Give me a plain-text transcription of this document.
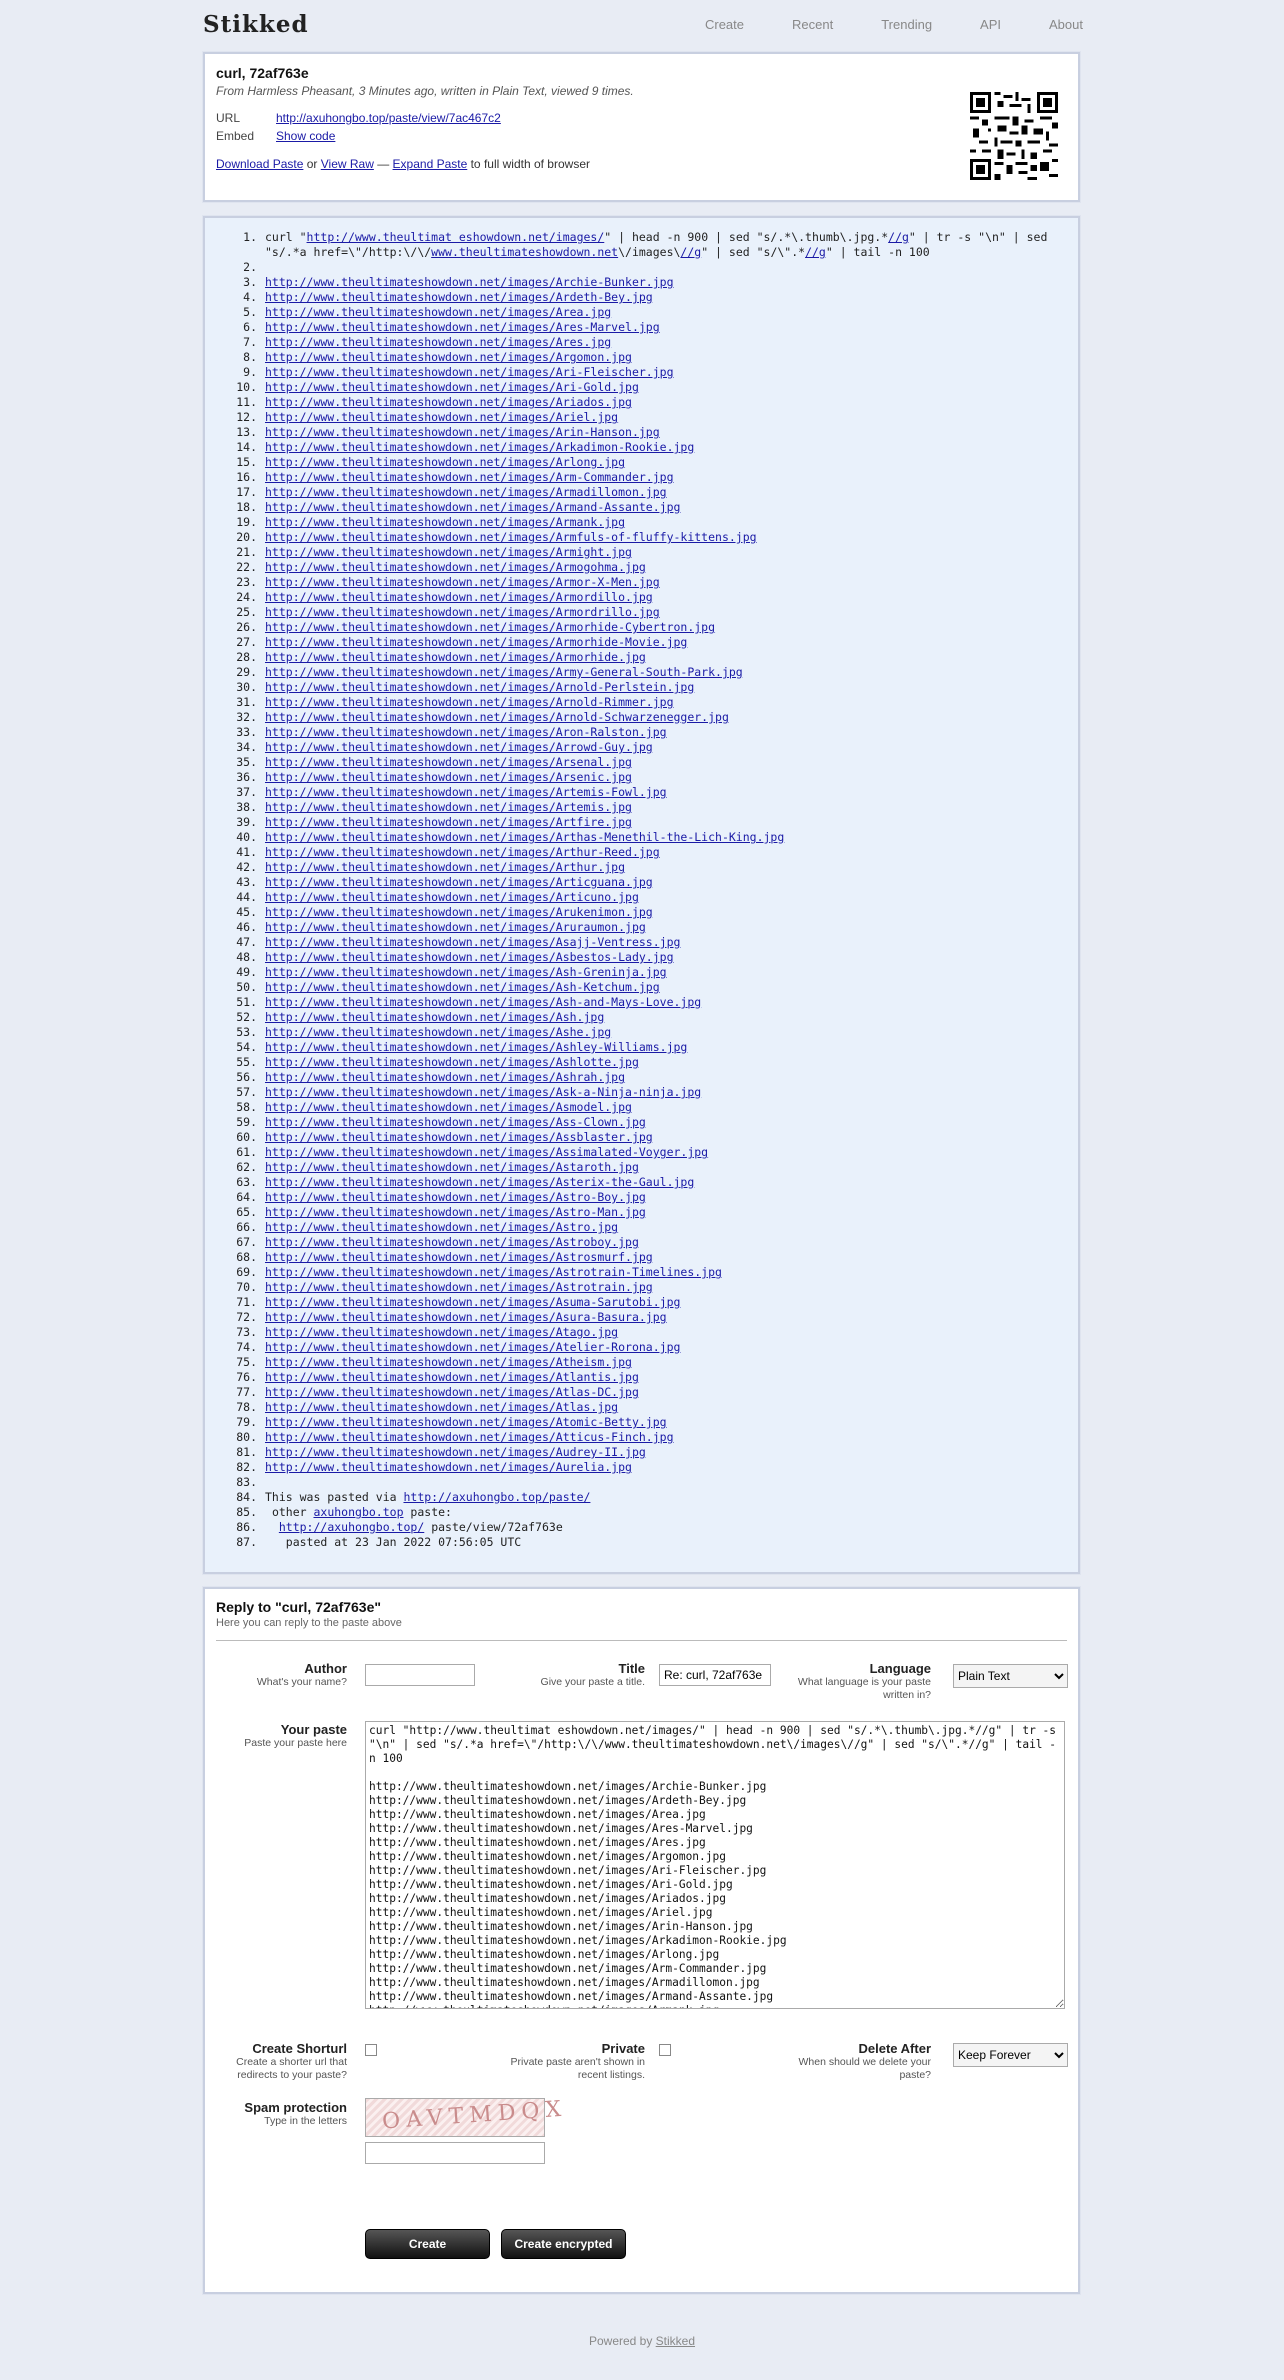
Stikked	Create	Recent	Trending	API	About
curl, 72af763e
From Harmless Pheasant, 3 Minutes ago, written in Plain Text, viewed 9 times.
URL	http://axuhongbo.top/paste/view/7ac467c2
Embed Show code
Download Paste or View Raw — Expand Paste to full width of browser
1. curl "http://www.theultimat eshowdown.net/images/" | head -n 900 | sed "s/.*\.thumb\.jpg.*//g" | tr -s "\n" | sed "s/.*a href=\"/http:\/\/www.theultimateshowdown.net\/images\//g" | sed "s/\".*//g" | tail -n 100
2.

3. http://www.theultimateshowdown.net/images/Archie-Bunker.jpg
4. http://www.theultimateshowdown.net/images/Ardeth-Bey.jpg
5. http://www.theultimateshowdown.net/images/Area.jpg
6. http://www.theultimateshowdown.net/images/Ares-Marvel.jpg
7. http://www.theultimateshowdown.net/images/Ares.jpg
8. http://www.theultimateshowdown.net/images/Argomon.jpg
9. http://www.theultimateshowdown.net/images/Ari-Fleischer.jpg
10. http://www.theultimateshowdown.net/images/Ari-Gold.jpg
11. http://www.theultimateshowdown.net/images/Ariados.jpg
12. http://www.theultimateshowdown.net/images/Ariel.jpg
13. http://www.theultimateshowdown.net/images/Arin-Hanson.jpg
14. http://www.theultimateshowdown.net/images/Arkadimon-Rookie.jpg
15. http://www.theultimateshowdown.net/images/Arlong.jpg
16. http://www.theultimateshowdown.net/images/Arm-Commander.jpg
17. http://www.theultimateshowdown.net/images/Armadillomon.jpg
18. http://www.theultimateshowdown.net/images/Armand-Assante.jpg
19. http://www.theultimateshowdown.net/images/Armank.jpg
20. http://www.theultimateshowdown.net/images/Armfuls-of-fluffy-kittens.jpg
21. http://www.theultimateshowdown.net/images/Armight.jpg
22. http://www.theultimateshowdown.net/images/Armogohma.jpg
23. http://www.theultimateshowdown.net/images/Armor-X-Men.jpg
24. http://www.theultimateshowdown.net/images/Armordillo.jpg
25. http://www.theultimateshowdown.net/images/Armordrillo.jpg
26. http://www.theultimateshowdown.net/images/Armorhide-Cybertron.jpg
27. http://www.theultimateshowdown.net/images/Armorhide-Movie.jpg
28. http://www.theultimateshowdown.net/images/Armorhide.jpg
29. http://www.theultimateshowdown.net/images/Army-General-South-Park.jpg
30. http://www.theultimateshowdown.net/images/Arnold-Perlstein.jpg
31. http://www.theultimateshowdown.net/images/Arnold-Rimmer.jpg
32. http://www.theultimateshowdown.net/images/Arnold-Schwarzenegger.jpg
33. http://www.theultimateshowdown.net/images/Aron-Ralston.jpg
34. http://www.theultimateshowdown.net/images/Arrowd-Guy.jpg
35. http://www.theultimateshowdown.net/images/Arsenal.jpg
36. http://www.theultimateshowdown.net/images/Arsenic.jpg
37. http://www.theultimateshowdown.net/images/Artemis-Fowl.jpg
38. http://www.theultimateshowdown.net/images/Artemis.jpg
39. http://www.theultimateshowdown.net/images/Artfire.jpg
40. http://www.theultimateshowdown.net/images/Arthas-Menethil-the-Lich-King.jpg
41. http://www.theultimateshowdown.net/images/Arthur-Reed.jpg
42. http://www.theultimateshowdown.net/images/Arthur.jpg
43. http://www.theultimateshowdown.net/images/Articguana.jpg
44. http://www.theultimateshowdown.net/images/Articuno.jpg
45. http://www.theultimateshowdown.net/images/Arukenimon.jpg
46. http://www.theultimateshowdown.net/images/Aruraumon.jpg
47. http://www.theultimateshowdown.net/images/Asajj-Ventress.jpg
48. http://www.theultimateshowdown.net/images/Asbestos-Lady.jpg
49. http://www.theultimateshowdown.net/images/Ash-Greninja.jpg
50. http://www.theultimateshowdown.net/images/Ash-Ketchum.jpg
51. http://www.theultimateshowdown.net/images/Ash-and-Mays-Love.jpg
52. http://www.theultimateshowdown.net/images/Ash.jpg
53. http://www.theultimateshowdown.net/images/Ashe.jpg
54. http://www.theultimateshowdown.net/images/Ashley-Williams.jpg
55. http://www.theultimateshowdown.net/images/Ashlotte.jpg
56. http://www.theultimateshowdown.net/images/Ashrah.jpg
57. http://www.theultimateshowdown.net/images/Ask-a-Ninja-ninja.jpg
58. http://www.theultimateshowdown.net/images/Asmodel.jpg
59. http://www.theultimateshowdown.net/images/Ass-Clown.jpg
60. http://www.theultimateshowdown.net/images/Assblaster.jpg
61. http://www.theultimateshowdown.net/images/Assimalated-Voyger.jpg
62. http://www.theultimateshowdown.net/images/Astaroth.jpg
63. http://www.theultimateshowdown.net/images/Asterix-the-Gaul.jpg
64. http://www.theultimateshowdown.net/images/Astro-Boy.jpg
65. http://www.theultimateshowdown.net/images/Astro-Man.jpg
66. http://www.theultimateshowdown.net/images/Astro.jpg
67. http://www.theultimateshowdown.net/images/Astroboy.jpg
68. http://www.theultimateshowdown.net/images/Astrosmurf.jpg
69. http://www.theultimateshowdown.net/images/Astrotrain-Timelines.jpg
70. http://www.theultimateshowdown.net/images/Astrotrain.jpg
71. http://www.theultimateshowdown.net/images/Asuma-Sarutobi.jpg
72. http://www.theultimateshowdown.net/images/Asura-Basura.jpg
73. http://www.theultimateshowdown.net/images/Atago.jpg
74. http://www.theultimateshowdown.net/images/Atelier-Rorona.jpg
75. http://www.theultimateshowdown.net/images/Atheism.jpg
76. http://www.theultimateshowdown.net/images/Atlantis.jpg
77. http://www.theultimateshowdown.net/images/Atlas-DC.jpg
78. http://www.theultimateshowdown.net/images/Atlas.jpg
79. http://www.theultimateshowdown.net/images/Atomic-Betty.jpg
80. http://www.theultimateshowdown.net/images/Atticus-Finch.jpg
81. http://www.theultimateshowdown.net/images/Audrey-II.jpg
82. http://www.theultimateshowdown.net/images/Aurelia.jpg
83.

84. This was pasted via http://axuhongbo.top/paste/
85. other axuhongbo.top paste:
86. http://axuhongbo.top/ paste/view/72af763e
87. pasted at 23 Jan 2022 07:56:05 UTC
Reply to "curl, 72af763e"
Here you can reply to the paste above
Author
What's your name?
Title
Give your paste a title.
Re: curl, 72af763e
Language
What language is your paste written in?
Plain Text
Your paste
Paste your paste here
curl "http://www.theultimat eshowdown.net/images/" | head -n 900 | sed "s/.*\.thumb\.jpg.*//g" | tr -s "\n" | sed "s/.*a href=\"/http:\/\/www.theultimateshowdown.net\/images\//g" | sed "s/\".*//g" | tail -n 100 http://www.theultimateshowdown.net/images/Archie-Bunker.jpg http://www.theultimateshowdown.net/images/Ardeth-Bey.jpg http://www.theultimateshowdown.net/images/Area.jpg http://www.theultimateshowdown.net/images/Ares-Marvel.jpg http://www.theultimateshowdown.net/images/Ares.jpg http://www.theultimateshowdown.net/images/Argomon.jpg http://www.theultimateshowdown.net/images/Ari-Fleischer.jpg http://www.theultimateshowdown.net/images/Ari-Gold.jpg http://www.theultimateshowdown.net/images/Ariados.jpg http://www.theultimateshowdown.net/images/Ariel.jpg http://www.theultimateshowdown.net/images/Arin-Hanson.jpg http://www.theultimateshowdown.net/images/Arkadimon-Rookie.jpg http://www.theultimateshowdown.net/images/Arlong.jpg http://www.theultimateshowdown.net/images/Arm-Commander.jpg http://www.theultimateshowdown.net/images/Armadillomon.jpg http://www.theultimateshowdown.net/images/Armand-Assante.jpg http://www.theultimateshowdown.net/images/Armank.jpg
Create Shorturl
Create a shorter url that redirects to your paste?
Private
Private paste aren't shown in recent listings.
Delete After
When should we delete your paste?
Keep Forever
Spam protection
Type in the letters OAVTMDQX
Create	Create encrypted
Powered by Stikked
